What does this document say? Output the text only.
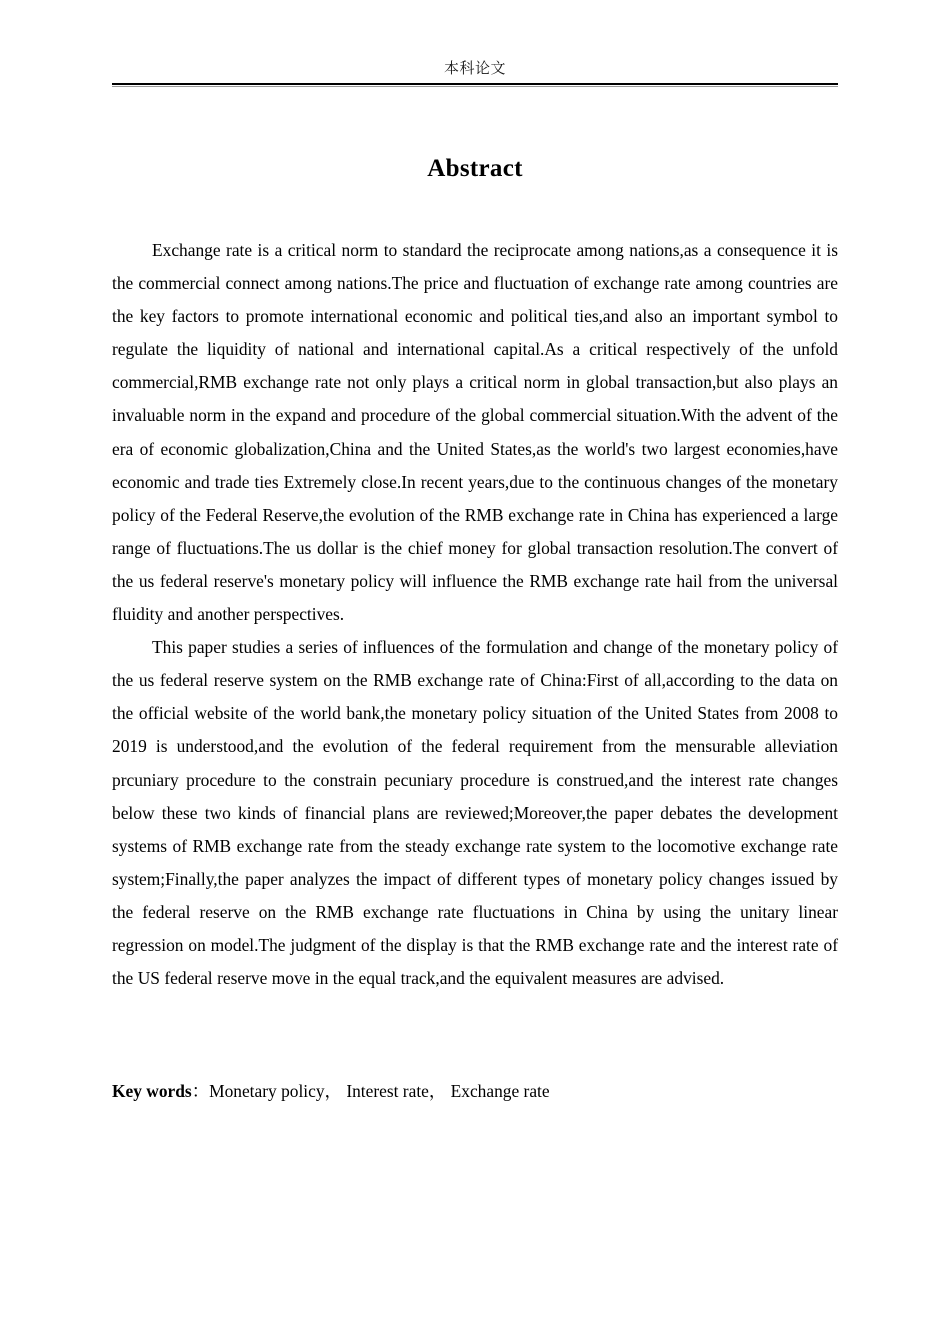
本科论文
Abstract

Exchange rate is a critical norm to standard the reciprocate among nations,as a consequence it is the commercial connect among nations.The price and fluctuation of exchange rate among countries are the key factors to promote international economic and political ties,and also an important symbol to regulate the liquidity of national and international capital.As a critical respectively of the unfold commercial,RMB exchange rate not only plays a critical norm in global transaction,but also plays an invaluable norm in the expand and procedure of the global commercial situation.With the advent of the era of economic globalization,China and the United States,as the world's two largest economies,have economic and trade ties Extremely close.In recent years,due to the continuous changes of the monetary policy of the Federal Reserve,the evolution of the RMB exchange rate in China has experienced a large range of fluctuations.The us dollar is the chief money for global transaction resolution.The convert of the us federal reserve's monetary policy will influence the RMB exchange rate hail from the universal fluidity and another perspectives.

This paper studies a series of influences of the formulation and change of the monetary policy of the us federal reserve system on the RMB exchange rate of China:First of all,according to the data on the official website of the world bank,the monetary policy situation of the United States from 2008 to 2019 is understood,and the evolution of the federal requirement from the mensurable alleviation prcuniary procedure to the constrain pecuniary procedure is construed,and the interest rate changes below these two kinds of financial plans are reviewed;Moreover,the paper debates the development systems of RMB exchange rate from the steady exchange rate system to the locomotive exchange rate system;Finally,the paper analyzes the impact of different types of monetary policy changes issued by the federal reserve on the RMB exchange rate fluctuations in China by using the unitary linear regression on model.The judgment of the display is that the RMB exchange rate and the interest rate of the US federal reserve move in the equal track,and the equivalent measures are advised.

Key words：Monetary policy， Interest rate， Exchange rate
